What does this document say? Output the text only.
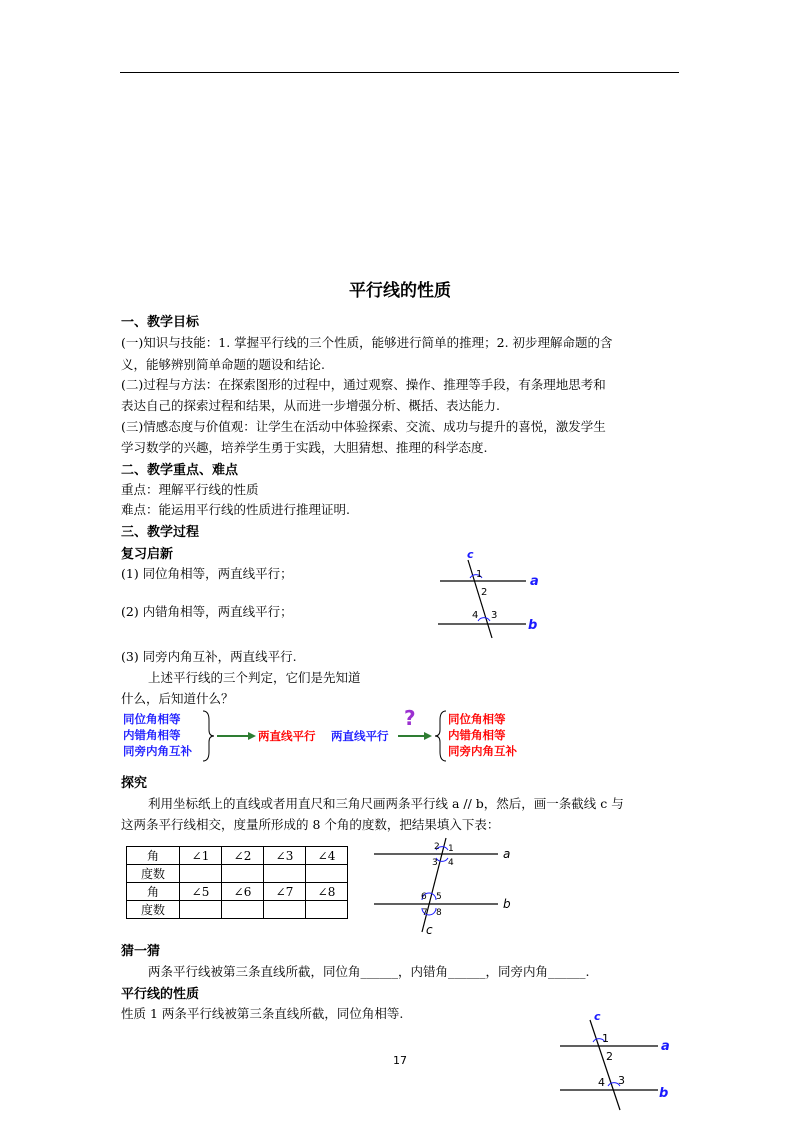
平行线的性质
一、教学目标
(一)知识与技能：1. 掌握平行线的三个性质，能够进行简单的推理；2. 初步理解命题的含
义，能够辨别简单命题的题设和结论.
(二)过程与方法：在探索图形的过程中，通过观察、操作、推理等手段，有条理地思考和
表达自己的探索过程和结果，从而进一步增强分析、概括、表达能力.
(三)情感态度与价值观：让学生在活动中体验探索、交流、成功与提升的喜悦，激发学生
学习数学的兴趣，培养学生勇于实践，大胆猜想、推理的科学态度.
二、教学重点、难点
重点：理解平行线的性质
难点：能运用平行线的性质进行推理证明.
三、教学过程
复习启新
(1) 同位角相等，两直线平行；
(2) 内错角相等，两直线平行；
(3) 同旁内角互补，两直线平行.
上述平行线的三个判定，它们是先知道
什么，后知道什么？
c
a
b
1
2
3
4
同位角相等
内错角相等
同旁内角互补
两直线平行 两直线平行
?	同位角相等
内错角相等
同旁内角互补
探究
利用坐标纸上的直线或者用直尺和三角尺画两条平行线 a // b，然后，画一条截线 c 与
这两条平行线相交，度量所形成的 8 个角的度数，把结果填入下表：
角	∠1	∠2	∠3	∠4
度数				
角	∠5	∠6	∠7	∠8
度数				
a
b
c
1
2
3 4
5
6
7 8
猜一猜
两条平行线被第三条直线所截，同位角______，内错角______，同旁内角______.
平行线的性质
性质 1 两条平行线被第三条直线所截，同位角相等.	c
a
b
1
2
3
4
17
